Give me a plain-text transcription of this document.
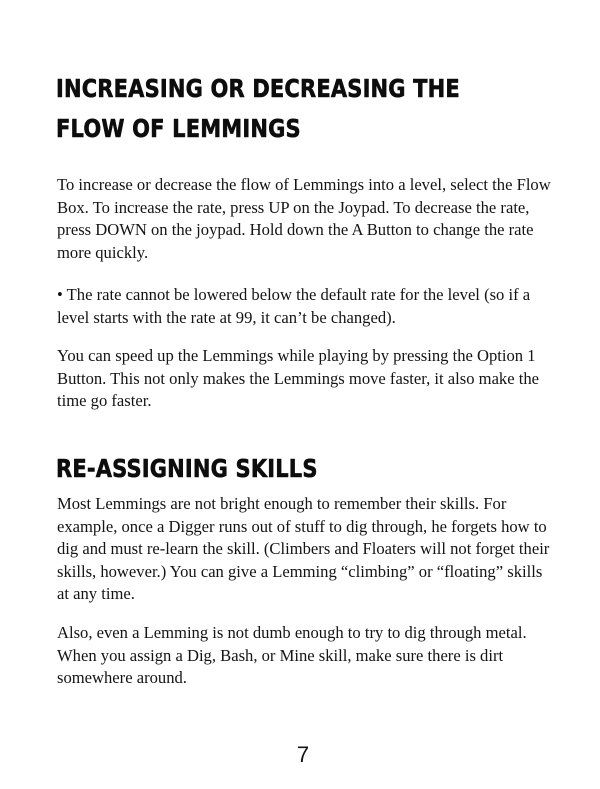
INCREASING OR DECREASING THE FLOW OF LEMMINGS

To increase or decrease the flow of Lemmings into a level, select the Flow Box. To increase the rate, press UP on the Joypad. To decrease the rate, press DOWN on the joypad. Hold down the A Button to change the rate more quickly.

• The rate cannot be lowered below the default rate for the level (so if a level starts with the rate at 99, it can’t be changed).

You can speed up the Lemmings while playing by pressing the Option 1 Button. This not only makes the Lemmings move faster, it also make the time go faster.

RE-ASSIGNING SKILLS

Most Lemmings are not bright enough to remember their skills. For example, once a Digger runs out of stuff to dig through, he forgets how to dig and must re-learn the skill. (Climbers and Floaters will not forget their skills, however.) You can give a Lemming “climbing” or “floating” skills at any time.

Also, even a Lemming is not dumb enough to try to dig through metal. When you assign a Dig, Bash, or Mine skill, make sure there is dirt somewhere around.

7
